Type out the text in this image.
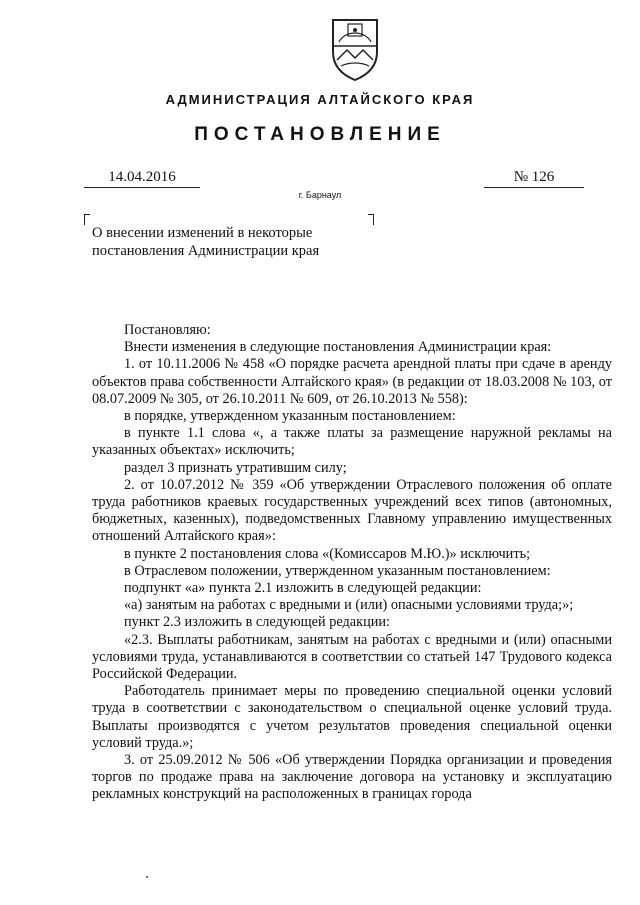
АДМИНИСТРАЦИЯ АЛТАЙСКОГО КРАЯ
ПОСТАНОВЛЕНИЕ
14.04.2016	№ 126
г. Барнаул
О внесении изменений в некоторые
постановления Администрации края

Постановляю:

Внести изменения в следующие постановления Администрации края:

1. от 10.11.2006 № 458 «О порядке расчета арендной платы при сдаче в аренду объектов права собственности Алтайского края» (в редакции от 18.03.2008 № 103, от 08.07.2009 № 305, от 26.10.2011 № 609, от 26.10.2013 № 558):

в порядке, утвержденном указанным постановлением:

в пункте 1.1 слова «, а также платы за размещение наружной рекламы на указанных объектах» исключить;

раздел 3 признать утратившим силу;

2. от 10.07.2012 № 359 «Об утверждении Отраслевого положения об оплате труда работников краевых государственных учреждений всех типов (автономных, бюджетных, казенных), подведомственных Главному управлению имущественных отношений Алтайского края»:

в пункте 2 постановления слова «(Комиссаров М.Ю.)» исключить;

в Отраслевом положении, утвержденном указанным постановлением:

подпункт «а» пункта 2.1 изложить в следующей редакции:

«а) занятым на работах с вредными и (или) опасными условиями труда;»;

пункт 2.3 изложить в следующей редакции:

«2.3. Выплаты работникам, занятым на работах с вредными и (или) опасными условиями труда, устанавливаются в соответствии со статьей 147 Трудового кодекса Российской Федерации.

Работодатель принимает меры по проведению специальной оценки условий труда в соответствии с законодательством о специальной оценке условий труда. Выплаты производятся с учетом результатов проведения специальной оценки условий труда.»;

3. от 25.09.2012 № 506 «Об утверждении Порядка организации и проведения торгов по продаже права на заключение договора на установку и эксплуатацию рекламных конструкций на расположенных в границах города
